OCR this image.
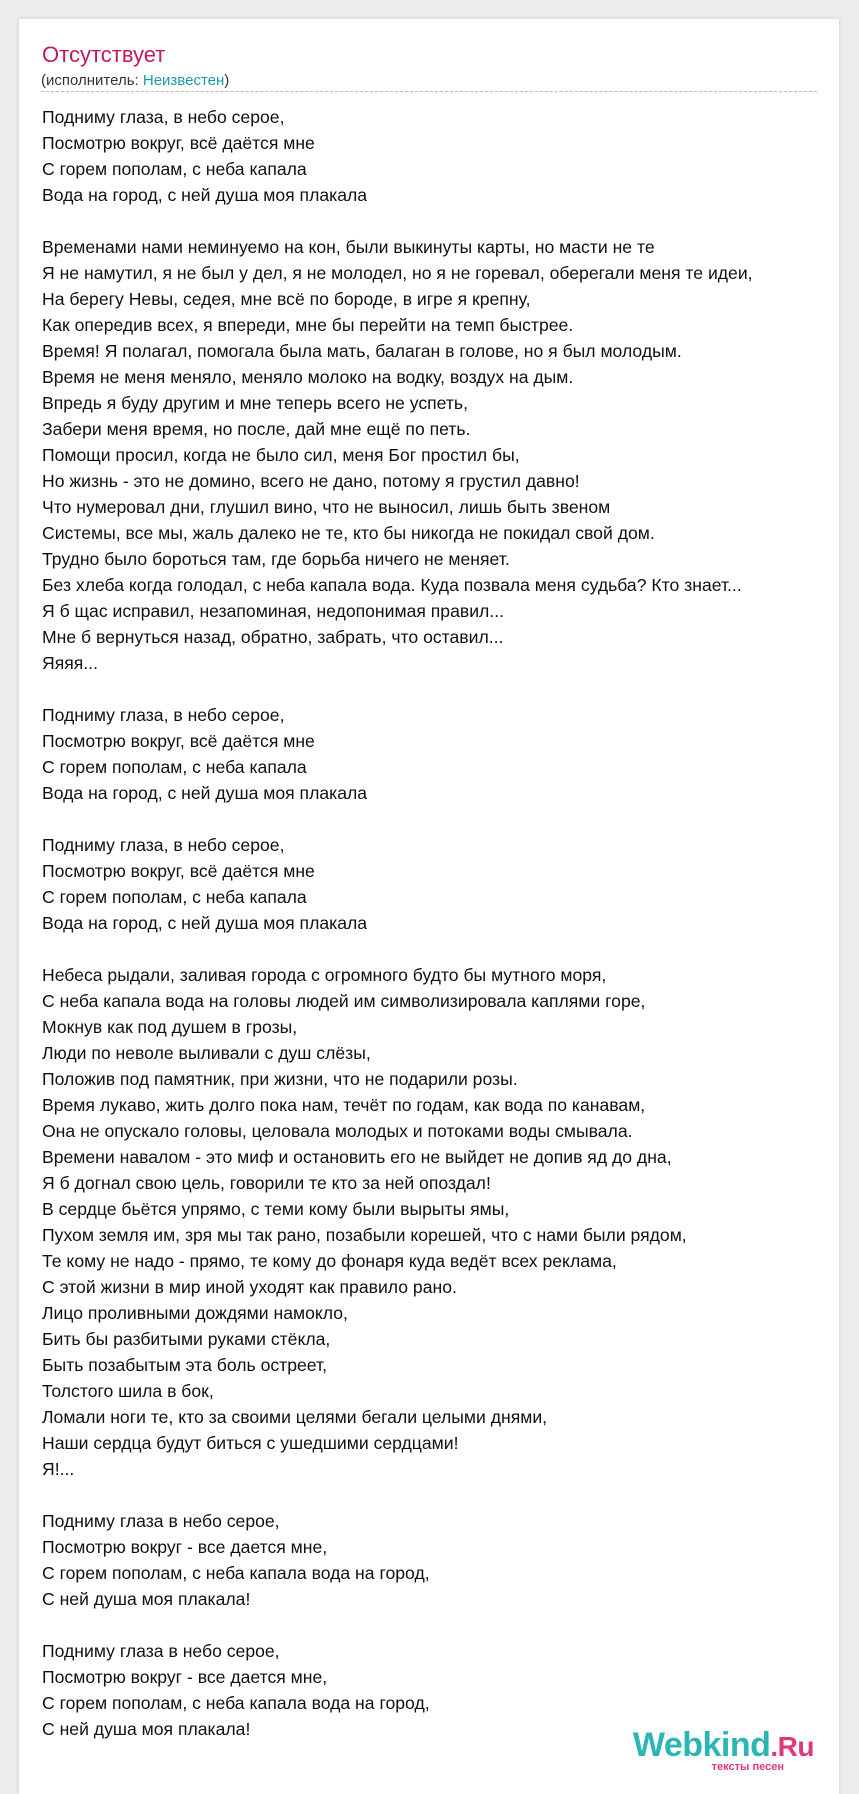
Отсутствует
(исполнитель: Неизвестен)
Подниму глаза, в небо серое,
Посмотрю вокруг, всё даётся мне
С горем пополам, с неба капала
Вода на город, с ней душа моя плакала
Временами нами неминуемо на кон, были выкинуты карты, но масти не те
Я не намутил, я не был у дел, я не молодел, но я не горевал, оберегали меня те идеи,
На берегу Невы, седея, мне всё по бороде, в игре я крепну,
Как опередив всех, я впереди, мне бы перейти на темп быстрее.
Время! Я полагал, помогала была мать, балаган в голове, но я был молодым.
Время не меня меняло, меняло молоко на водку, воздух на дым.
Впредь я буду другим и мне теперь всего не успеть,
Забери меня время, но после, дай мне ещё по петь.
Помощи просил, когда не было сил, меня Бог простил бы,
Но жизнь - это не домино, всего не дано, потому я грустил давно!
Что нумеровал дни, глушил вино, что не выносил, лишь быть звеном
Системы, все мы, жаль далеко не те, кто бы никогда не покидал свой дом.
Трудно было бороться там, где борьба ничего не меняет.
Без хлеба когда голодал, с неба капала вода. Куда позвала меня судьба? Кто знает...
Я б щас исправил, незапоминая, недопонимая правил...
Мне б вернуться назад, обратно, забрать, что оставил...
Яяяя...
Подниму глаза, в небо серое,
Посмотрю вокруг, всё даётся мне
С горем пополам, с неба капала
Вода на город, с ней душа моя плакала
Подниму глаза, в небо серое,
Посмотрю вокруг, всё даётся мне
С горем пополам, с неба капала
Вода на город, с ней душа моя плакала
Небеса рыдали, заливая города с огромного будто бы мутного моря,
С неба капала вода на головы людей им символизировала каплями горе,
Мокнув как под душем в грозы,
Люди по неволе выливали с душ слёзы,
Положив под памятник, при жизни, что не подарили розы.
Время лукаво, жить долго пока нам, течёт по годам, как вода по канавам,
Она не опускало головы, целовала молодых и потоками воды смывала.
Времени навалом - это миф и остановить его не выйдет не допив яд до дна,
Я б догнал свою цель, говорили те кто за ней опоздал!
В сердце бьётся упрямо, с теми кому были вырыты ямы,
Пухом земля им, зря мы так рано, позабыли корешей, что с нами были рядом,
Те кому не надо - прямо, те кому до фонаря куда ведёт всех реклама,
С этой жизни в мир иной уходят как правило рано.
Лицо проливными дождями намокло,
Бить бы разбитыми руками стёкла,
Быть позабытым эта боль остреет,
Толстого шила в бок,
Ломали ноги те, кто за своими целями бегали целыми днями,
Наши сердца будут биться с ушедшими сердцами!
Я!...
Подниму глаза в небо серое,
Посмотрю вокруг - все дается мне,
С горем пополам, с неба капала вода на город,
С ней душа моя плакала!
Подниму глаза в небо серое,
Посмотрю вокруг - все дается мне,
С горем пополам, с неба капала вода на город,
С ней душа моя плакала!	Webkind.Ru
тексты песен
